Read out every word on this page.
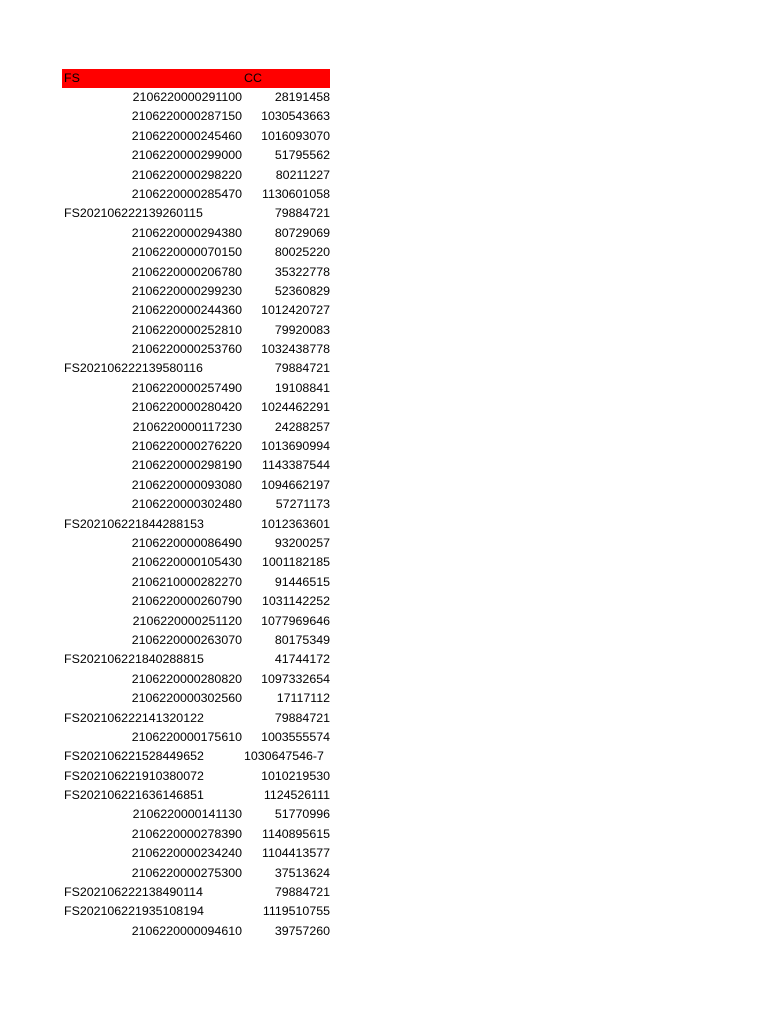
FS	CC
2106220000291100	28191458
2106220000287150 1030543663
2106220000245460 1016093070
2106220000299000	51795562
2106220000298220	80211227
2106220000285470 1130601058
FS202106222139260115	79884721
2106220000294380	80729069
2106220000070150	80025220
2106220000206780	35322778
2106220000299230	52360829
2106220000244360 1012420727
2106220000252810	79920083
2106220000253760 1032438778
FS202106222139580116	79884721
2106220000257490	19108841
2106220000280420 1024462291
2106220000117230	24288257
2106220000276220 1013690994
2106220000298190 1143387544
2106220000093080 1094662197
2106220000302480	57271173
FS202106221844288153	1012363601
2106220000086490	93200257
2106220000105430 1001182185
2106210000282270	91446515
2106220000260790 1031142252
2106220000251120 1077969646
2106220000263070	80175349
FS202106221840288815	41744172
2106220000280820 1097332654
2106220000302560	17117112
FS202106222141320122	79884721
2106220000175610 1003555574
FS202106221528449652	1030647546-7
FS202106221910380072	1010219530
FS202106221636146851	1124526111
2106220000141130	51770996
2106220000278390 1140895615
2106220000234240 1104413577
2106220000275300	37513624
FS202106222138490114	79884721
FS202106221935108194	1119510755
2106220000094610	39757260
